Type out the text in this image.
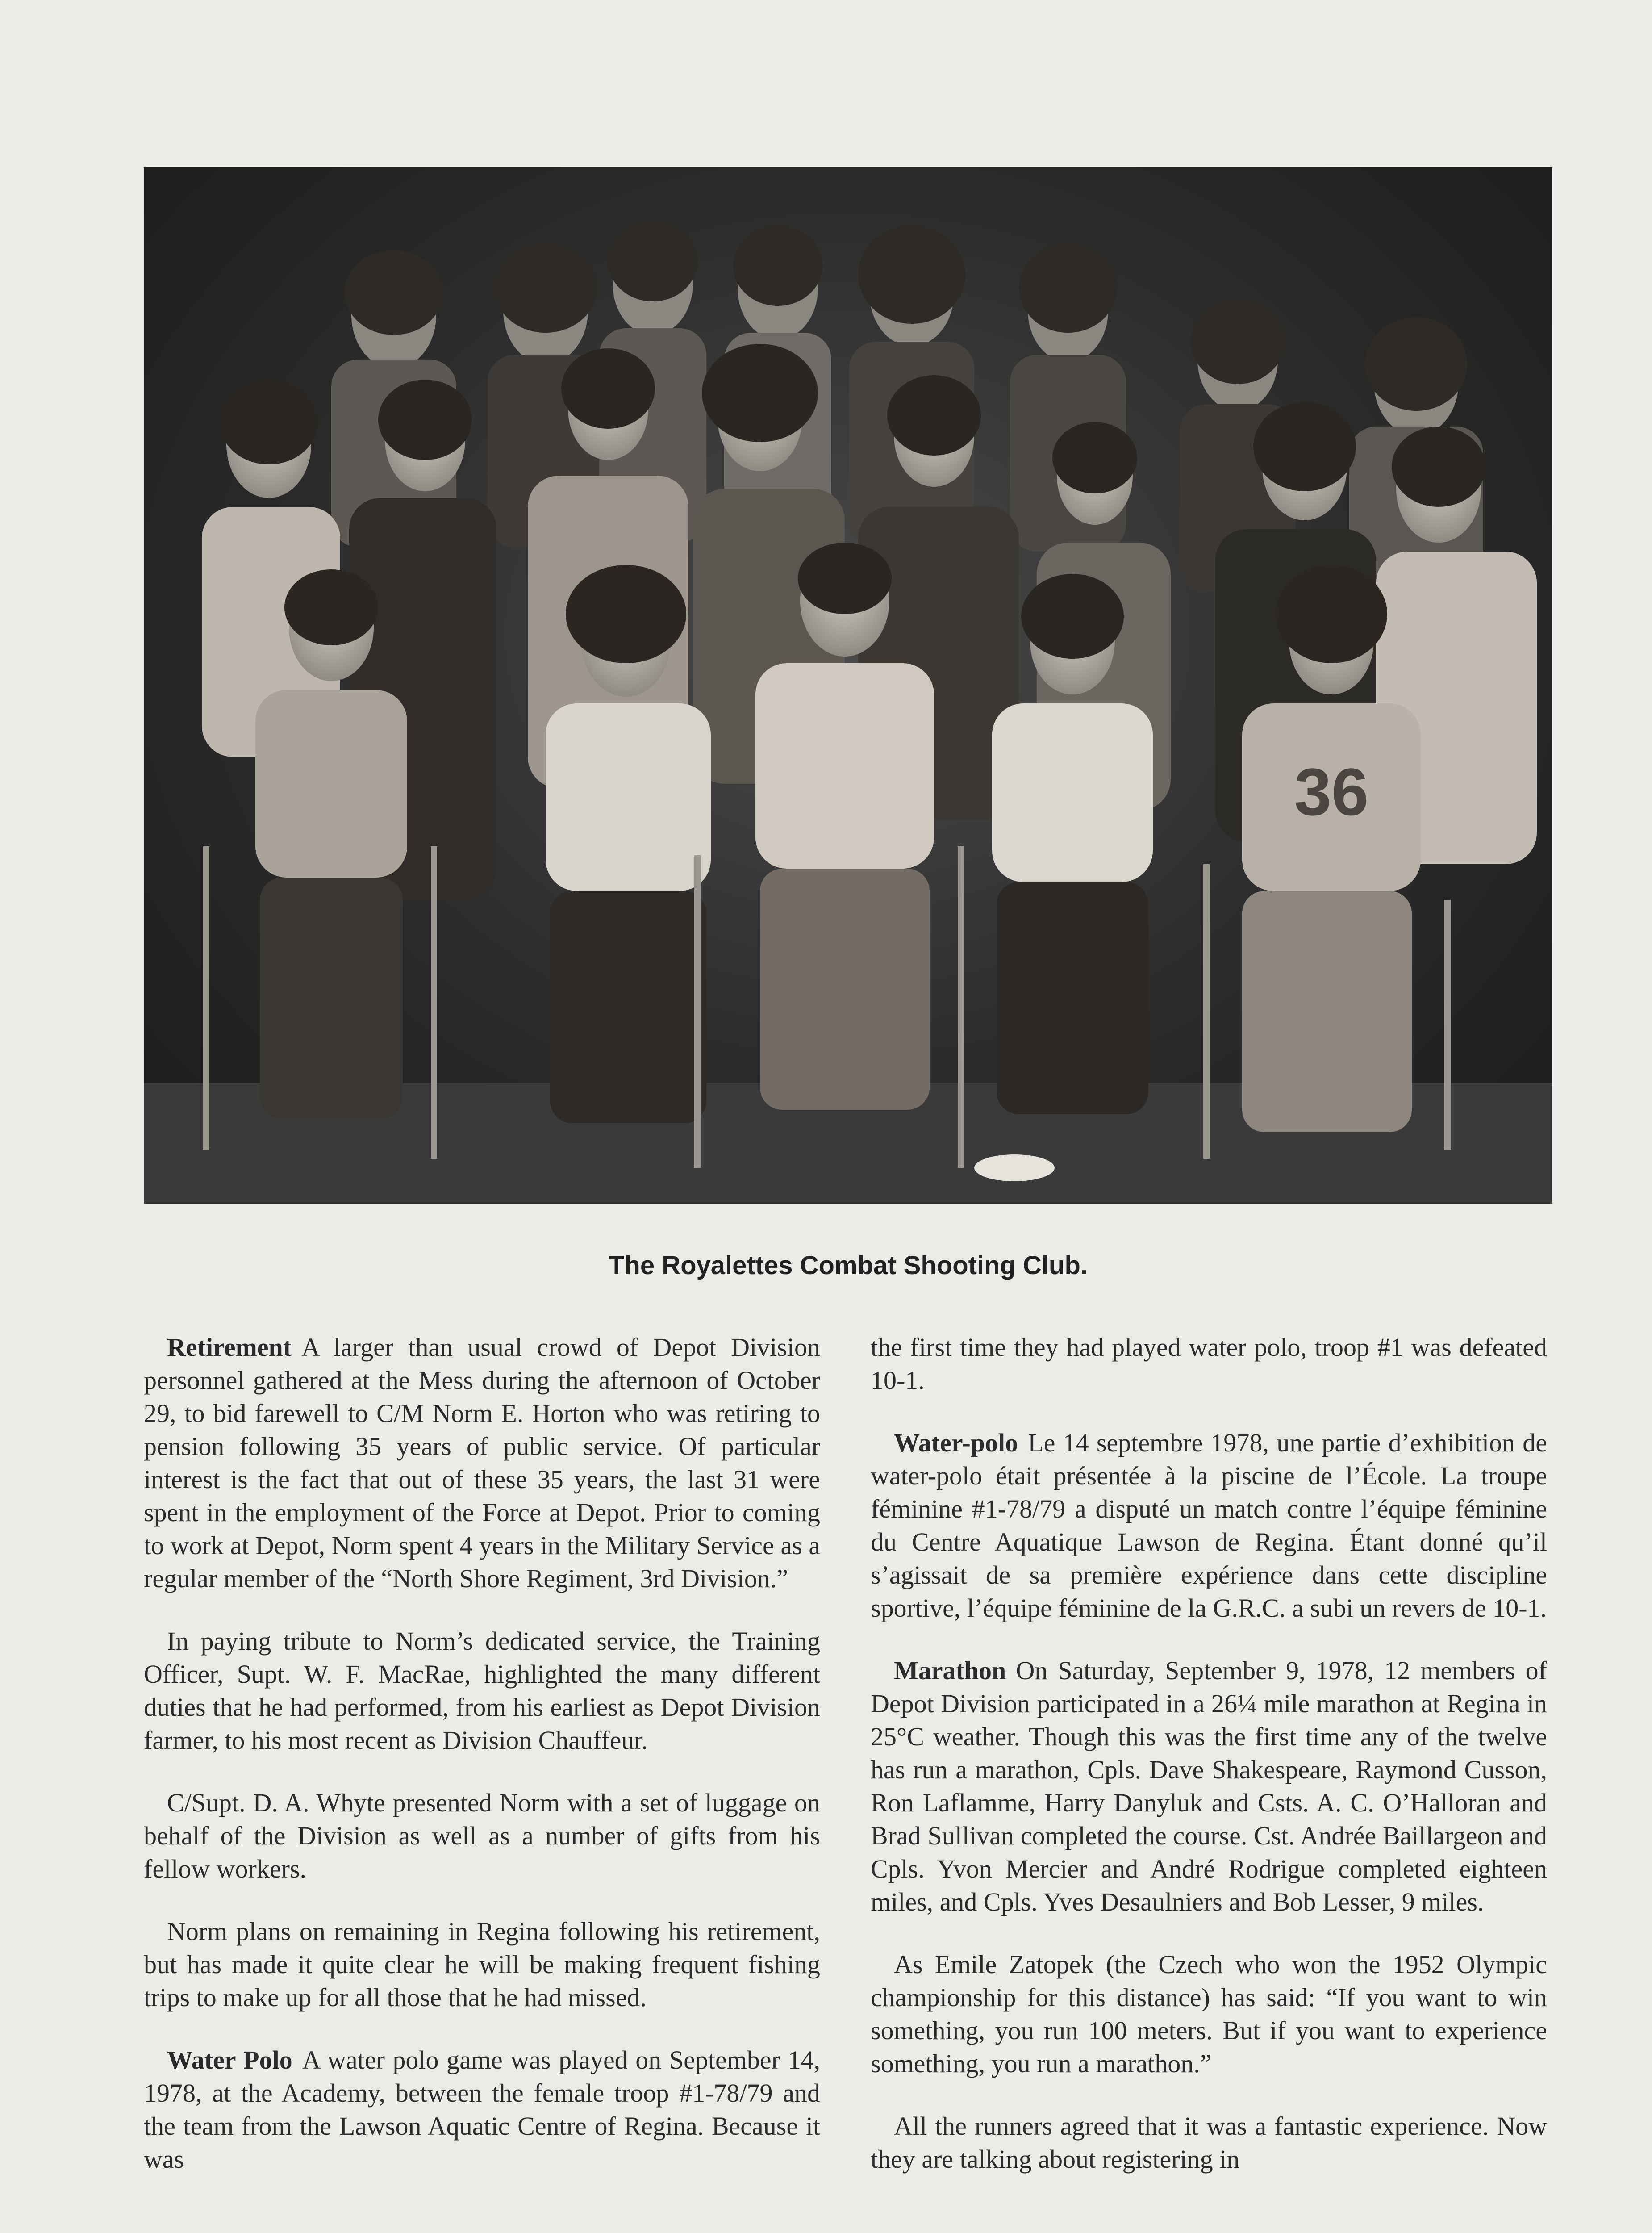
36
The Royalettes Combat Shooting Club.

Retirement A larger than usual crowd of Depot Division personnel gathered at the Mess during the afternoon of October 29, to bid farewell to C/M Norm E. Horton who was retiring to pension following 35 years of public service. Of particular interest is the fact that out of these 35 years, the last 31 were spent in the employment of the Force at Depot. Prior to coming to work at Depot, Norm spent 4 years in the Military Service as a regular member of the “North Shore Regiment, 3rd Division.”

In paying tribute to Norm’s dedicated service, the Training Officer, Supt. W. F. MacRae, highlighted the many different duties that he had performed, from his earliest as Depot Division farmer, to his most recent as Division Chauffeur.

C/Supt. D. A. Whyte presented Norm with a set of luggage on behalf of the Division as well as a number of gifts from his fellow workers.

Norm plans on remaining in Regina following his retirement, but has made it quite clear he will be making frequent fishing trips to make up for all those that he had missed.

Water Polo A water polo game was played on September 14, 1978, at the Academy, between the female troop #1-78/79 and the team from the Lawson Aquatic Centre of Regina. Because it was

the first time they had played water polo, troop #1 was defeated 10-1.

Water-polo Le 14 septembre 1978, une partie d’exhibition de water-polo était présentée à la piscine de l’École. La troupe féminine #1-78/79 a disputé un match contre l’équipe féminine du Centre Aquatique Lawson de Regina. Étant donné qu’il s’agissait de sa première expérience dans cette discipline sportive, l’équipe féminine de la G.R.C. a subi un revers de 10-1.

Marathon On Saturday, September 9, 1978, 12 members of Depot Division participated in a 26¼ mile marathon at Regina in 25°C weather. Though this was the first time any of the twelve has run a marathon, Cpls. Dave Shakespeare, Raymond Cusson, Ron Laflamme, Harry Danyluk and Csts. A. C. O’Halloran and Brad Sullivan completed the course. Cst. Andrée Baillargeon and Cpls. Yvon Mercier and André Rodrigue completed eighteen miles, and Cpls. Yves Desaulniers and Bob Lesser, 9 miles.

As Emile Zatopek (the Czech who won the 1952 Olympic championship for this distance) has said: “If you want to win something, you run 100 meters. But if you want to experience something, you run a marathon.”

All the runners agreed that it was a fantastic experience. Now they are talking about registering in
